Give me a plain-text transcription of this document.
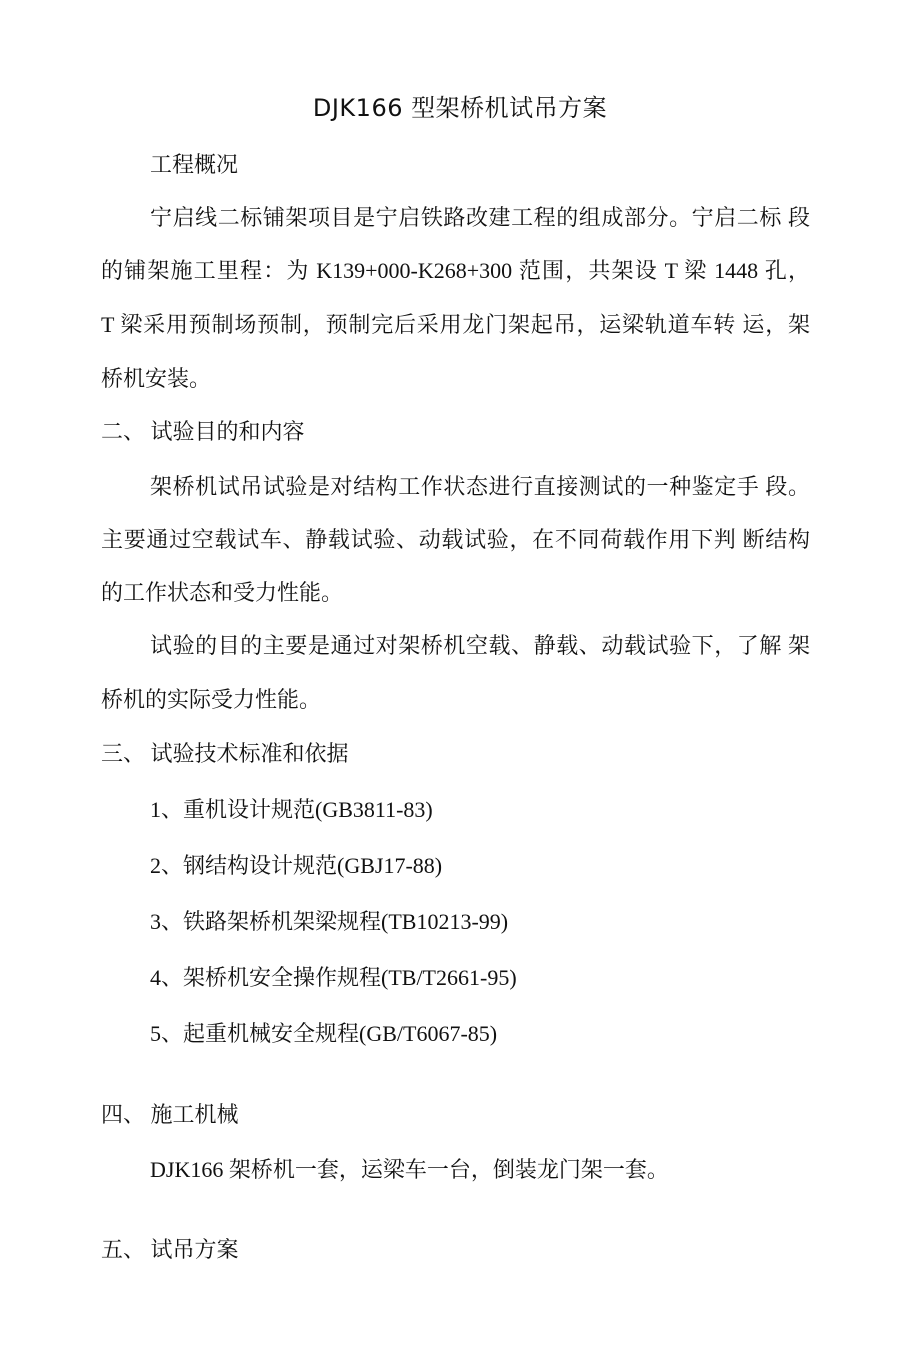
DJK166 型架桥机试吊方案
工程概况
宁启线二标铺架项目是宁启铁路改建工程的组成部分。宁启二标 段
的铺架施工里程：为 K139+000-K268+300 范围，共架设 T 梁 1448 孔，
T 梁采用预制场预制，预制完后采用龙门架起吊，运梁轨道车转 运，架
桥机安装。
二、 试验目的和内容
架桥机试吊试验是对结构工作状态进行直接测试的一种鉴定手 段。
主要通过空载试车、静载试验、动载试验，在不同荷载作用下判 断结构
的工作状态和受力性能。
试验的目的主要是通过对架桥机空载、静载、动载试验下，了解 架
桥机的实际受力性能。
三、 试验技术标准和依据
1、重机设计规范(GB3811-83)
2、钢结构设计规范(GBJ17-88)
3、铁路架桥机架梁规程(TB10213-99)
4、架桥机安全操作规程(TB/T2661-95)
5、起重机械安全规程(GB/T6067-85)
四、 施工机械
DJK166 架桥机一套，运梁车一台，倒装龙门架一套。
五、 试吊方案
